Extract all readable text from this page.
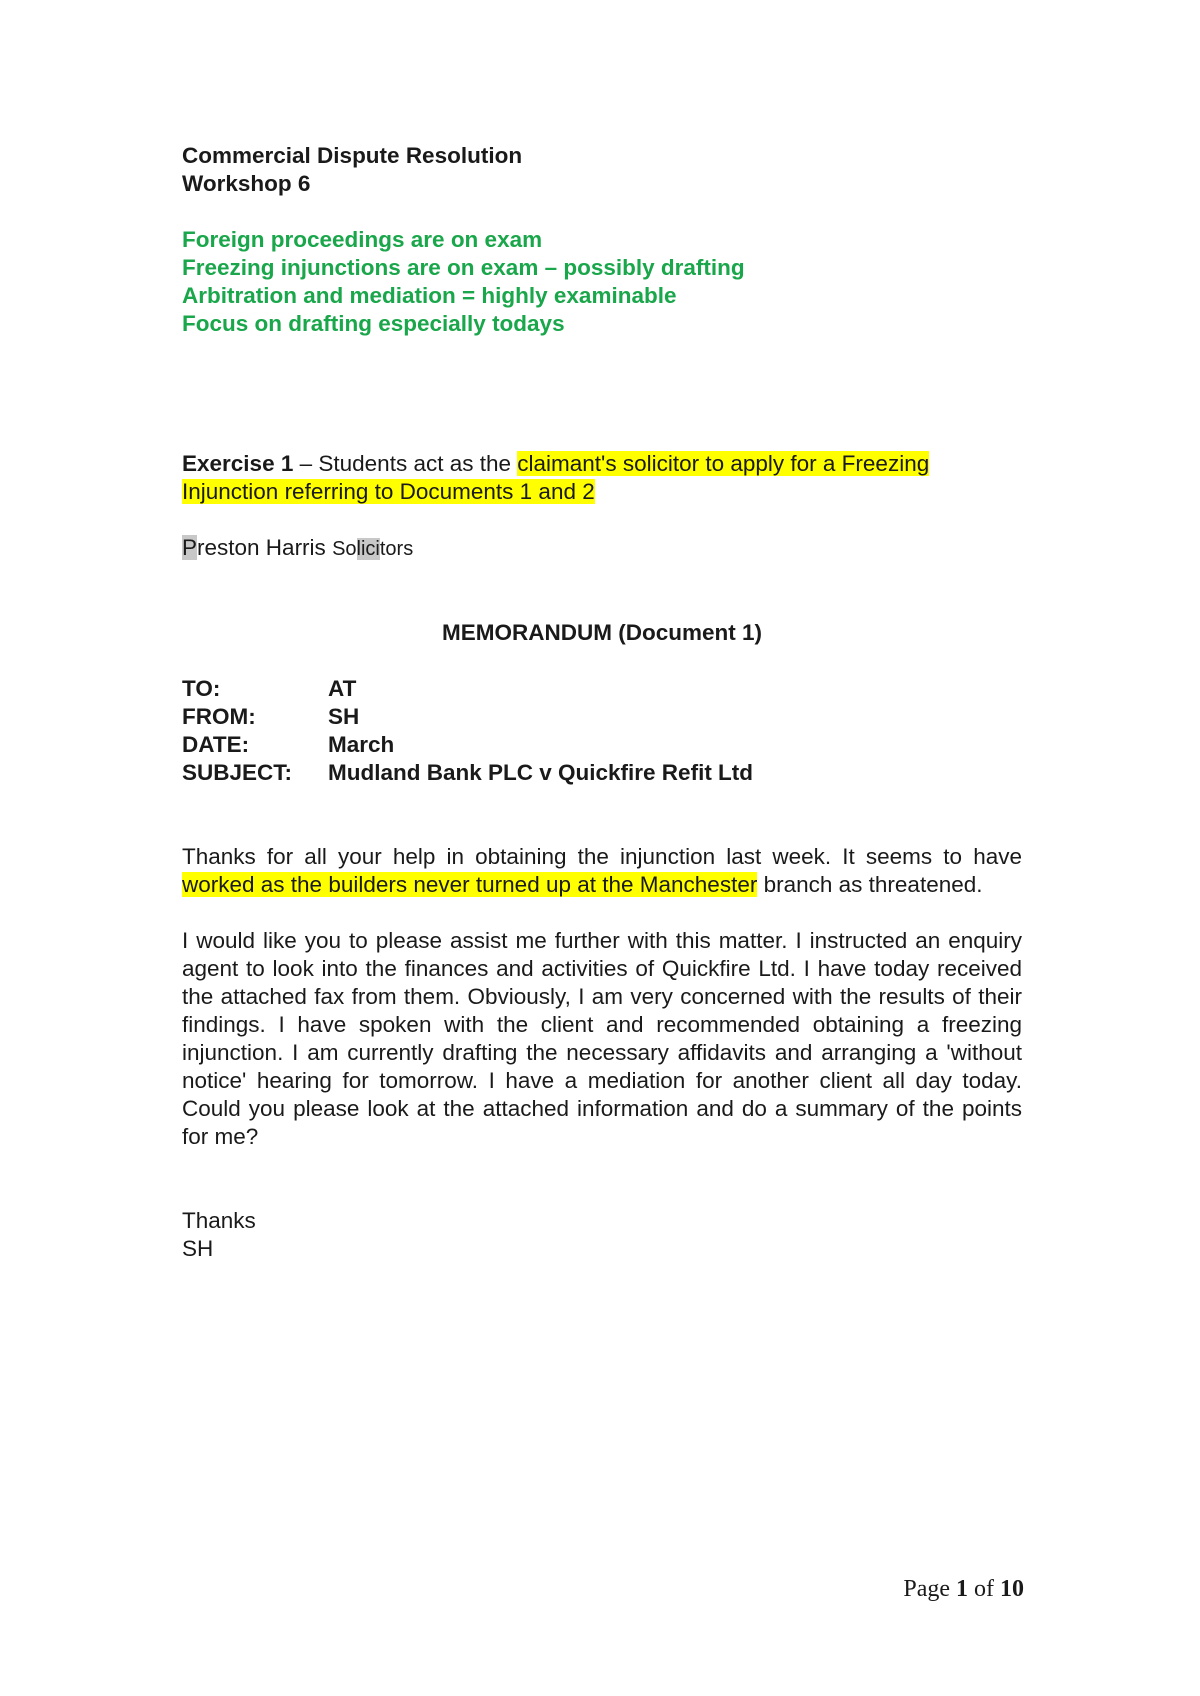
Commercial Dispute Resolution
Workshop 6
Foreign proceedings are on exam
Freezing injunctions are on exam – possibly drafting
Arbitration and mediation = highly examinable
Focus on drafting especially todays
Exercise 1 – Students act as the claimant's solicitor to apply for a Freezing Injunction referring to Documents 1 and 2
Preston Harris Solicitors
MEMORANDUM (Document 1)
TO:	AT
FROM:	SH
DATE:	March
SUBJECT:	Mudland Bank PLC v Quickfire Refit Ltd
Thanks for all your help in obtaining the injunction last week. It seems to have worked as the builders never turned up at the Manchester branch as threatened.
I would like you to please assist me further with this matter. I instructed an enquiry agent to look into the finances and activities of Quickfire Ltd. I have today received the attached fax from them. Obviously, I am very concerned with the results of their findings. I have spoken with the client and recommended obtaining a freezing injunction. I am currently drafting the necessary affidavits and arranging a 'without notice' hearing for tomorrow. I have a mediation for another client all day today. Could you please look at the attached information and do a summary of the points for me?
Thanks
SH
Page 1 of 10
